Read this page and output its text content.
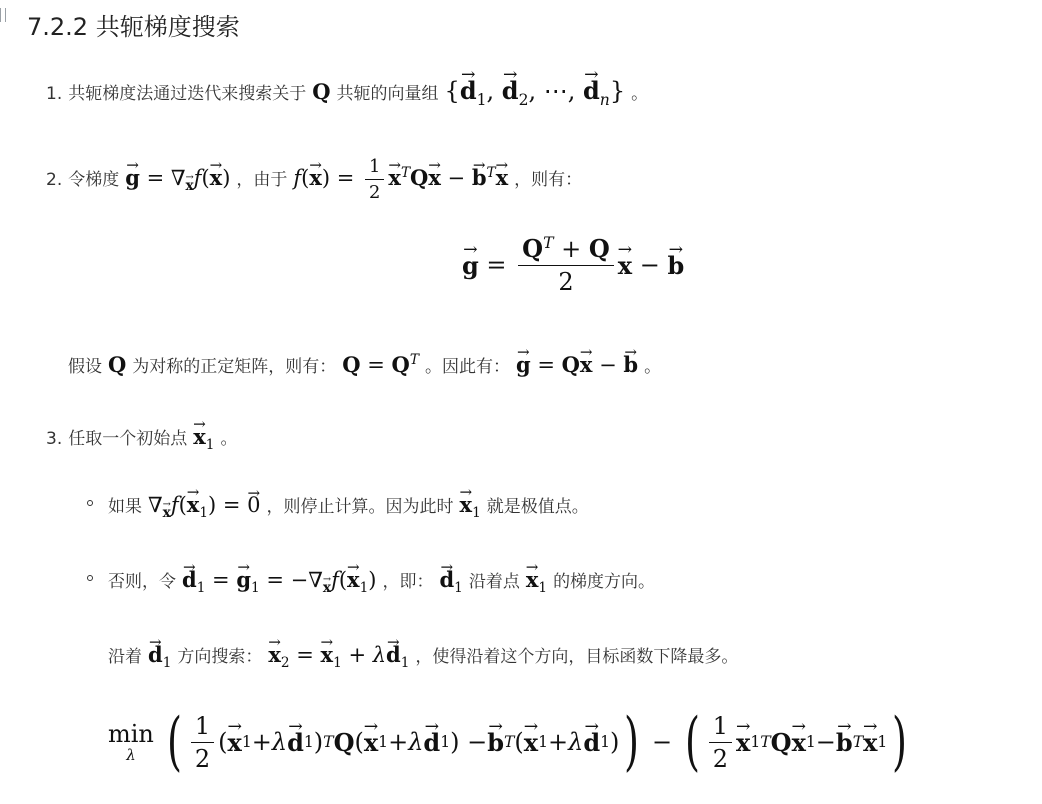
7.2.2 共轭梯度搜索
1. 共轭梯度法通过迭代来搜索关于 Q 共轭的向量组 {→ $d_1$, → $d_2$, ⋯, → $d_n$} 。
2. 令梯度
→ g = ∇→ $_x$f(→ x) ，由于 $f(\to x) = \frac{1}{2}$
→ $x^TQ\to x$ − → $b^T\to x$ ，则有：
→ $g = \frac{Q^T + Q}{2}$
→ x −
→ b
假设 Q 为对称的正定矩阵，则有： $Q = Q^T$ 。因此有：
→ g = Q→ x − → b 。
3. 任取一个初始点
→ $x_1$ 。
如果 ∇→ $_xf(\to x_1)$ = → 0 ，则停止计算。因为此时
→ $x_1$ 就是极值点。
否则，令
→ $d_1$ = → $g_1$ = −∇→ $_xf(\to x_1)$ ，即：
→ $d_1$ 沿着点
→ $x_1$ 的梯度方向。
沿着
→ $d_1$ 方向搜索：
→ $x_2$ = → $x_1 + \lambda\to d_1$ ，使得沿着这个方向，目标函数下降最多。
min
λ ( $\frac{1}{2}$ (
→ x 1 + λ
→ d 1 ) T Q (
→ x 1 + λ
→ d 1 ) −
→ b T (
→ x 1 + λ
→ d 1 ) ) − ( $\frac{1}{2}$
→ x 1 T Q
→ x 1 −
→ b T
→ x 1 )
